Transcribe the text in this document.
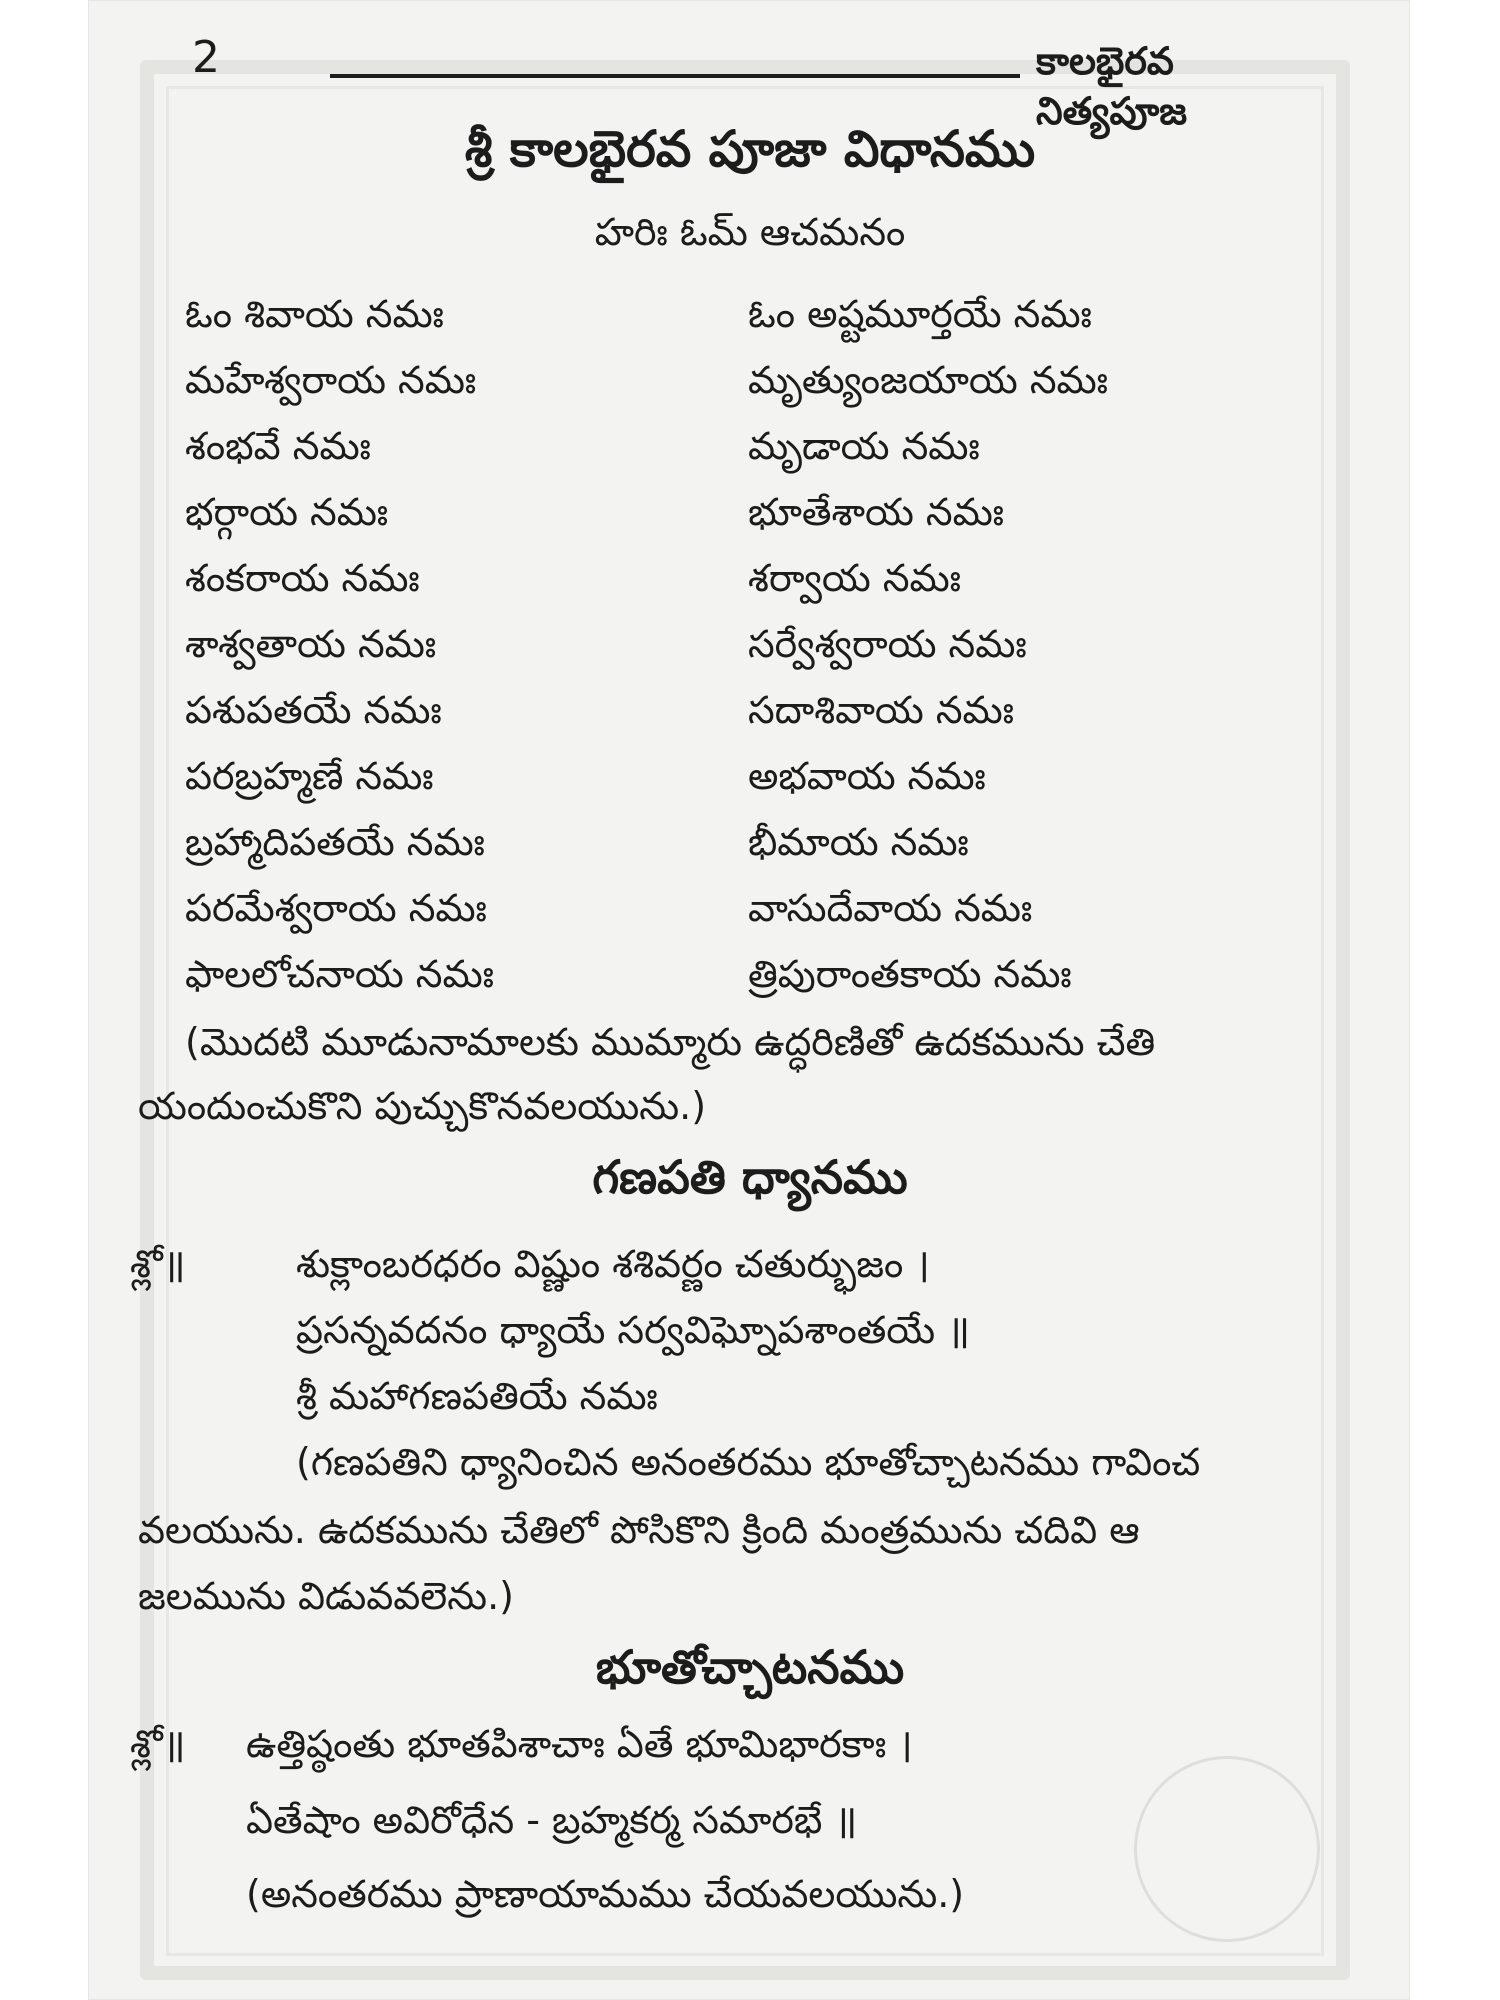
2	కాలభైరవ నిత్యపూజ
శ్రీ కాలభైరవ పూజా విధానము
హరిః ఓమ్ ఆచమనం
ఓం శివాయ నమః
మహేశ్వరాయ నమః
శంభవే నమః
భర్గాయ నమః
శంకరాయ నమః
శాశ్వతాయ నమః
పశుపతయే నమః
పరబ్రహ్మణే నమః
బ్రహ్మాదిపతయే నమః
పరమేశ్వరాయ నమః
ఫాలలోచనాయ నమః
ఓం అష్టమూర్తయే నమః
మృత్యుంజయాయ నమః
మృడాయ నమః
భూతేశాయ నమః
శర్వాయ నమః
సర్వేశ్వరాయ నమః
సదాశివాయ నమః
అభవాయ నమః
భీమాయ నమః
వాసుదేవాయ నమః
త్రిపురాంతకాయ నమః
(మొదటి మూడునామాలకు ముమ్మారు ఉద్ధరిణితో ఉదకమును చేతి
యందుంచుకొని పుచ్చుకొనవలయును.)
గణపతి ధ్యానము
శ్లో॥	శుక్లాంబరధరం విష్ణుం శశివర్ణం చతుర్భుజం ।
ప్రసన్నవదనం ధ్యాయే సర్వవిఘ్నోపశాంతయే ॥
శ్రీ మహాగణపతియే నమః
(గణపతిని ధ్యానించిన అనంతరము భూతోచ్చాటనము గావించ
వలయును. ఉదకమును చేతిలో పోసికొని క్రింది మంత్రమును చదివి ఆ
జలమును విడువవలెను.)
భూతోచ్చాటనము
శ్లో॥ ఉత్తిష్ఠంతు భూతపిశాచాః ఏతే భూమిభారకాః ।
ఏతేషాం అవిరోధేన - బ్రహ్మకర్మ సమారభే ॥
(అనంతరము ప్రాణాయామము చేయవలయును.)
